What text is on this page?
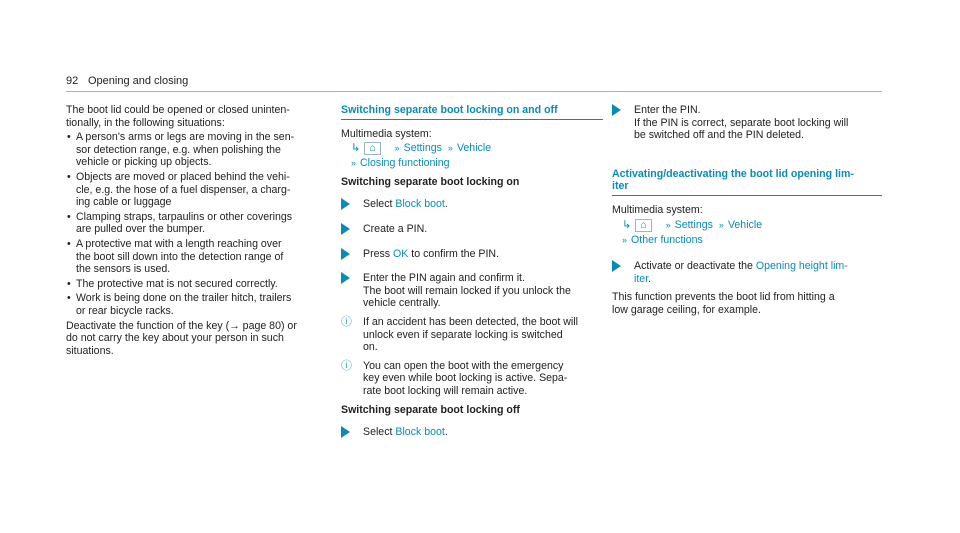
92 Opening and closing

The boot lid could be opened or closed uninten-
tionally, in the following situations:

• A person's arms or legs are moving in the sen-
sor detection range, e.g. when polishing the
vehicle or picking up objects.
• Objects are moved or placed behind the vehi-
cle, e.g. the hose of a fuel dispenser, a charg-
ing cable or luggage
• Clamping straps, tarpaulins or other coverings
are pulled over the bumper.
• A protective mat with a length reaching over
the boot sill down into the detection range of
the sensors is used.
• The protective mat is not secured correctly.
• Work is being done on the trailer hitch, trailers
or rear bicycle racks.

Deactivate the function of the key (→ page 80) or
do not carry the key about your person in such
situations.

Switching separate boot locking on and off

Multimedia system:

↳ ⌂ » Settings » Vehicle
» Closing functioning
Switching separate boot locking on
Select Block boot.
Create a PIN.
Press OK to confirm the PIN.
Enter the PIN again and confirm it.
The boot will remain locked if you unlock the
vehicle centrally.
ⓘ If an accident has been detected, the boot will
unlock even if separate locking is switched
on.
ⓘ You can open the boot with the emergency
key even while boot locking is active. Sepa-
rate boot locking will remain active.
Switching separate boot locking off
Select Block boot.
Enter the PIN.
If the PIN is correct, separate boot locking will
be switched off and the PIN deleted.
Activating/deactivating the boot lid opening lim-
iter

Multimedia system:

↳ ⌂ » Settings » Vehicle
» Other functions
Activate or deactivate the Opening height lim-
iter.

This function prevents the boot lid from hitting a
low garage ceiling, for example.
